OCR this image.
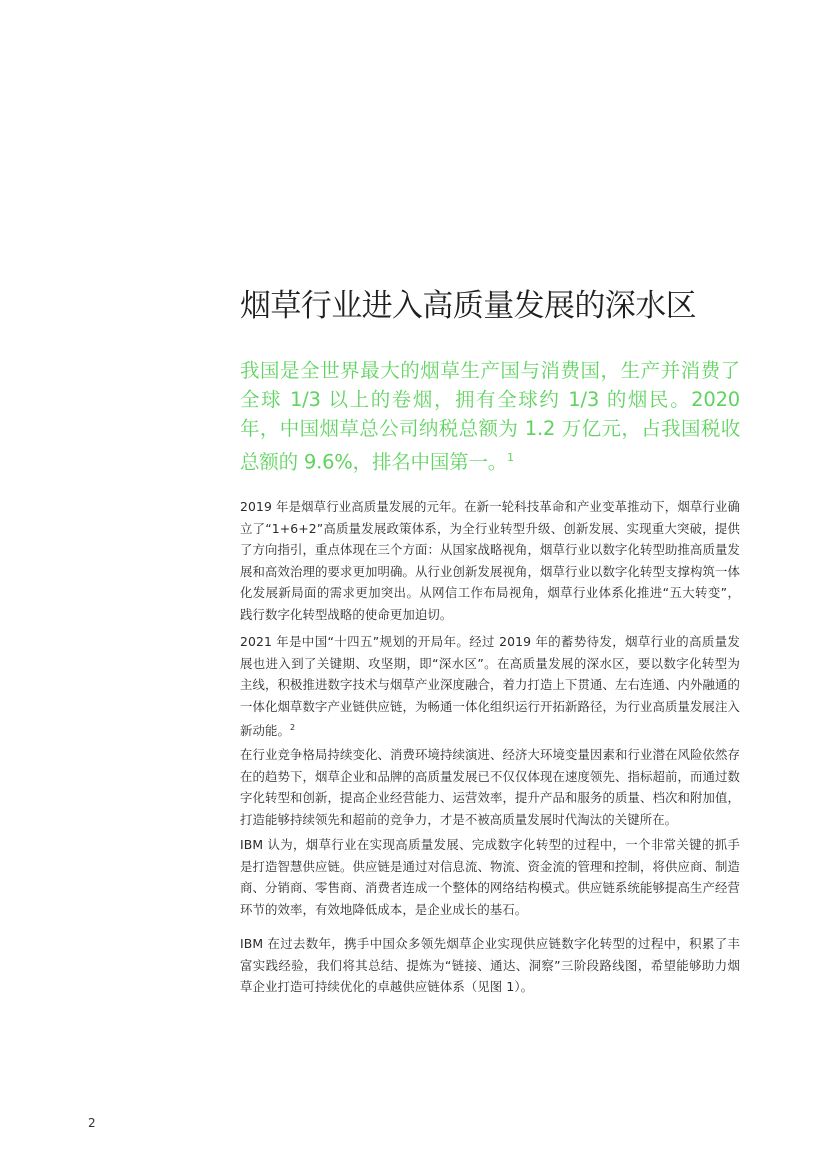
烟草行业进入高质量发展的深水区

我国是全世界最大的烟草生产国与消费国，生产并消费了全球 1/3 以上的卷烟，拥有全球约 1/3 的烟民。2020 年，中国烟草总公司纳税总额为 1.2 万亿元，占我国税收总额的 9.6%，排名中国第一。$^1$

2019 年是烟草行业高质量发展的元年。在新一轮科技革命和产业变革推动下，烟草行业确立了“1+6+2”高质量发展政策体系，为全行业转型升级、创新发展、实现重大突破，提供了方向指引，重点体现在三个方面：从国家战略视角，烟草行业以数字化转型助推高质量发展和高效治理的要求更加明确。从行业创新发展视角，烟草行业以数字化转型支撑构筑一体化发展新局面的需求更加突出。从网信工作布局视角，烟草行业体系化推进“五大转变”，践行数字化转型战略的使命更加迫切。

2021 年是中国“十四五”规划的开局年。经过 2019 年的蓄势待发，烟草行业的高质量发展也进入到了关键期、攻坚期，即“深水区”。在高质量发展的深水区，要以数字化转型为主线，积极推进数字技术与烟草产业深度融合，着力打造上下贯通、左右连通、内外融通的一体化烟草数字产业链供应链，为畅通一体化组织运行开拓新路径，为行业高质量发展注入新动能。$^2$

在行业竞争格局持续变化、消费环境持续演进、经济大环境变量因素和行业潜在风险依然存在的趋势下，烟草企业和品牌的高质量发展已不仅仅体现在速度领先、指标超前，而通过数字化转型和创新，提高企业经营能力、运营效率，提升产品和服务的质量、档次和附加值，打造能够持续领先和超前的竞争力，才是不被高质量发展时代淘汰的关键所在。

IBM 认为，烟草行业在实现高质量发展、完成数字化转型的过程中，一个非常关键的抓手是打造智慧供应链。供应链是通过对信息流、物流、资金流的管理和控制，将供应商、制造商、分销商、零售商、消费者连成一个整体的网络结构模式。供应链系统能够提高生产经营环节的效率，有效地降低成本，是企业成长的基石。

IBM 在过去数年，携手中国众多领先烟草企业实现供应链数字化转型的过程中，积累了丰富实践经验，我们将其总结、提炼为“链接、通达、洞察”三阶段路线图，希望能够助力烟草企业打造可持续优化的卓越供应链体系（见图 1）。

2
